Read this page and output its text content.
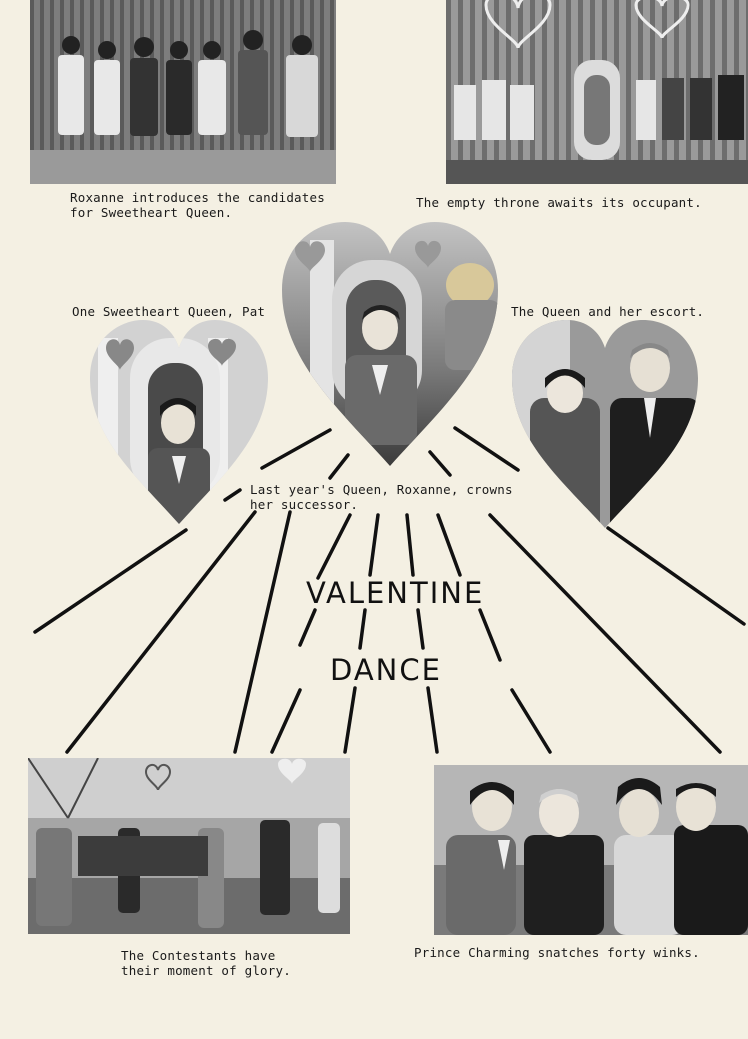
Roxanne introduces the candidates
for Sweetheart Queen.
The empty throne awaits its occupant.
One Sweetheart Queen, Pat	The Queen and her escort.
Last year's Queen, Roxanne, crowns
her successor.
VALENTINE
DANCE
The Contestants have
their moment of glory.
Prince Charming snatches forty winks.
